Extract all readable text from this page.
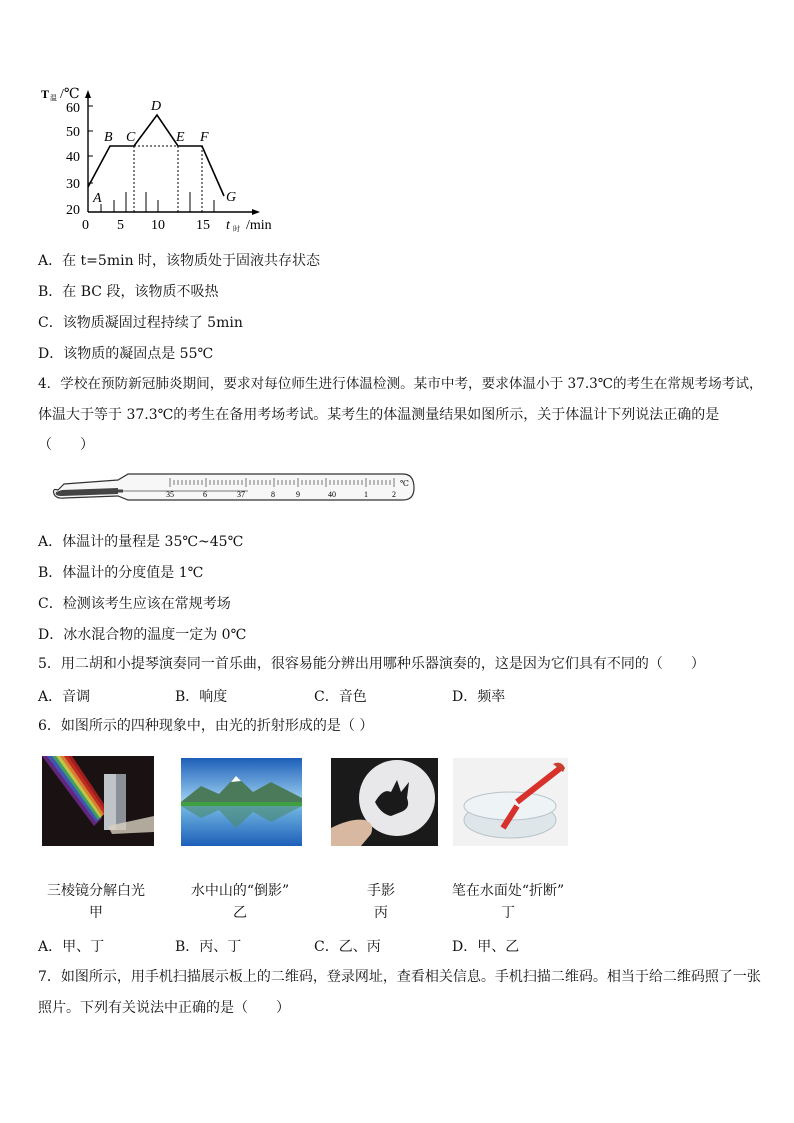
T 温 /℃
60
50
40
30
20
0 5 10 15 t 时 /min
A
B C
D
E F
G
A．在 t=5min 时，该物质处于固液共存状态
B．在 BC 段，该物质不吸热
C．该物质凝固过程持续了 5min
D．该物质的凝固点是 55℃
4．学校在预防新冠肺炎期间，要求对每位师生进行体温检测。某市中考，要求体温小于 37.3℃的考生在常规考场考试，
体温大于等于 37.3℃的考生在备用考场考试。某考生的体温测量结果如图所示，关于体温计下列说法正确的是
（　　）
35	6	37	8	9	40	1	2
℃
A．体温计的量程是 35℃~45℃
B．体温计的分度值是 1℃
C．检测该考生应该在常规考场
D．冰水混合物的温度一定为 0℃
5．用二胡和小提琴演奏同一首乐曲，很容易能分辨出用哪种乐器演奏的，这是因为它们具有不同的（　　）
A．音调	B．响度	C．音色	D．频率
6．如图所示的四种现象中，由光的折射形成的是（ ）
三棱镜分解白光
甲
水中山的“倒影”
乙
手影
丙
笔在水面处“折断”
丁
A．甲、丁	B．丙、丁	C．乙、丙	D．甲、乙
7．如图所示，用手机扫描展示板上的二维码，登录网址，查看相关信息。手机扫描二维码。相当于给二维码照了一张
照片。下列有关说法中正确的是（　　）
